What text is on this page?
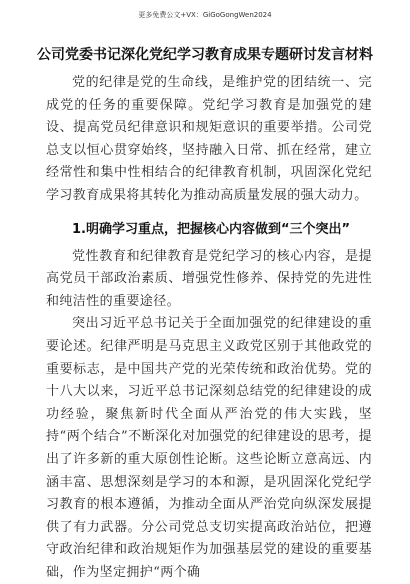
更多免费公文+VX：GiGoGongWen2024
公司党委书记深化党纪学习教育成果专题研讨发言材料

党的纪律是党的生命线，是维护党的团结统一、完成党的任务的重要保障。党纪学习教育是加强党的建设、提高党员纪律意识和规矩意识的重要举措。公司党总支以恒心贯穿始终，坚持融入日常、抓在经常，建立经常性和集中性相结合的纪律教育机制，巩固深化党纪学习教育成果将其转化为推动高质量发展的强大动力。

1.明确学习重点，把握核心内容做到“三个突出”

党性教育和纪律教育是党纪学习的核心内容，是提高党员干部政治素质、增强党性修养、保持党的先进性和纯洁性的重要途径。

突出习近平总书记关于全面加强党的纪律建设的重要论述。纪律严明是马克思主义政党区别于其他政党的重要标志，是中国共产党的光荣传统和政治优势。党的十八大以来，习近平总书记深刻总结党的纪律建设的成功经验，聚焦新时代全面从严治党的伟大实践，坚持“两个结合”不断深化对加强党的纪律建设的思考，提出了许多新的重大原创性论断。这些论断立意高远、内涵丰富、思想深刻是学习的本和源，是巩固深化党纪学习教育的根本遵循，为推动全面从严治党向纵深发展提供了有力武器。分公司党总支切实提高政治站位，把遵守政治纪律和政治规矩作为加强基层党的建设的重要基础，作为坚定拥护“两个确
